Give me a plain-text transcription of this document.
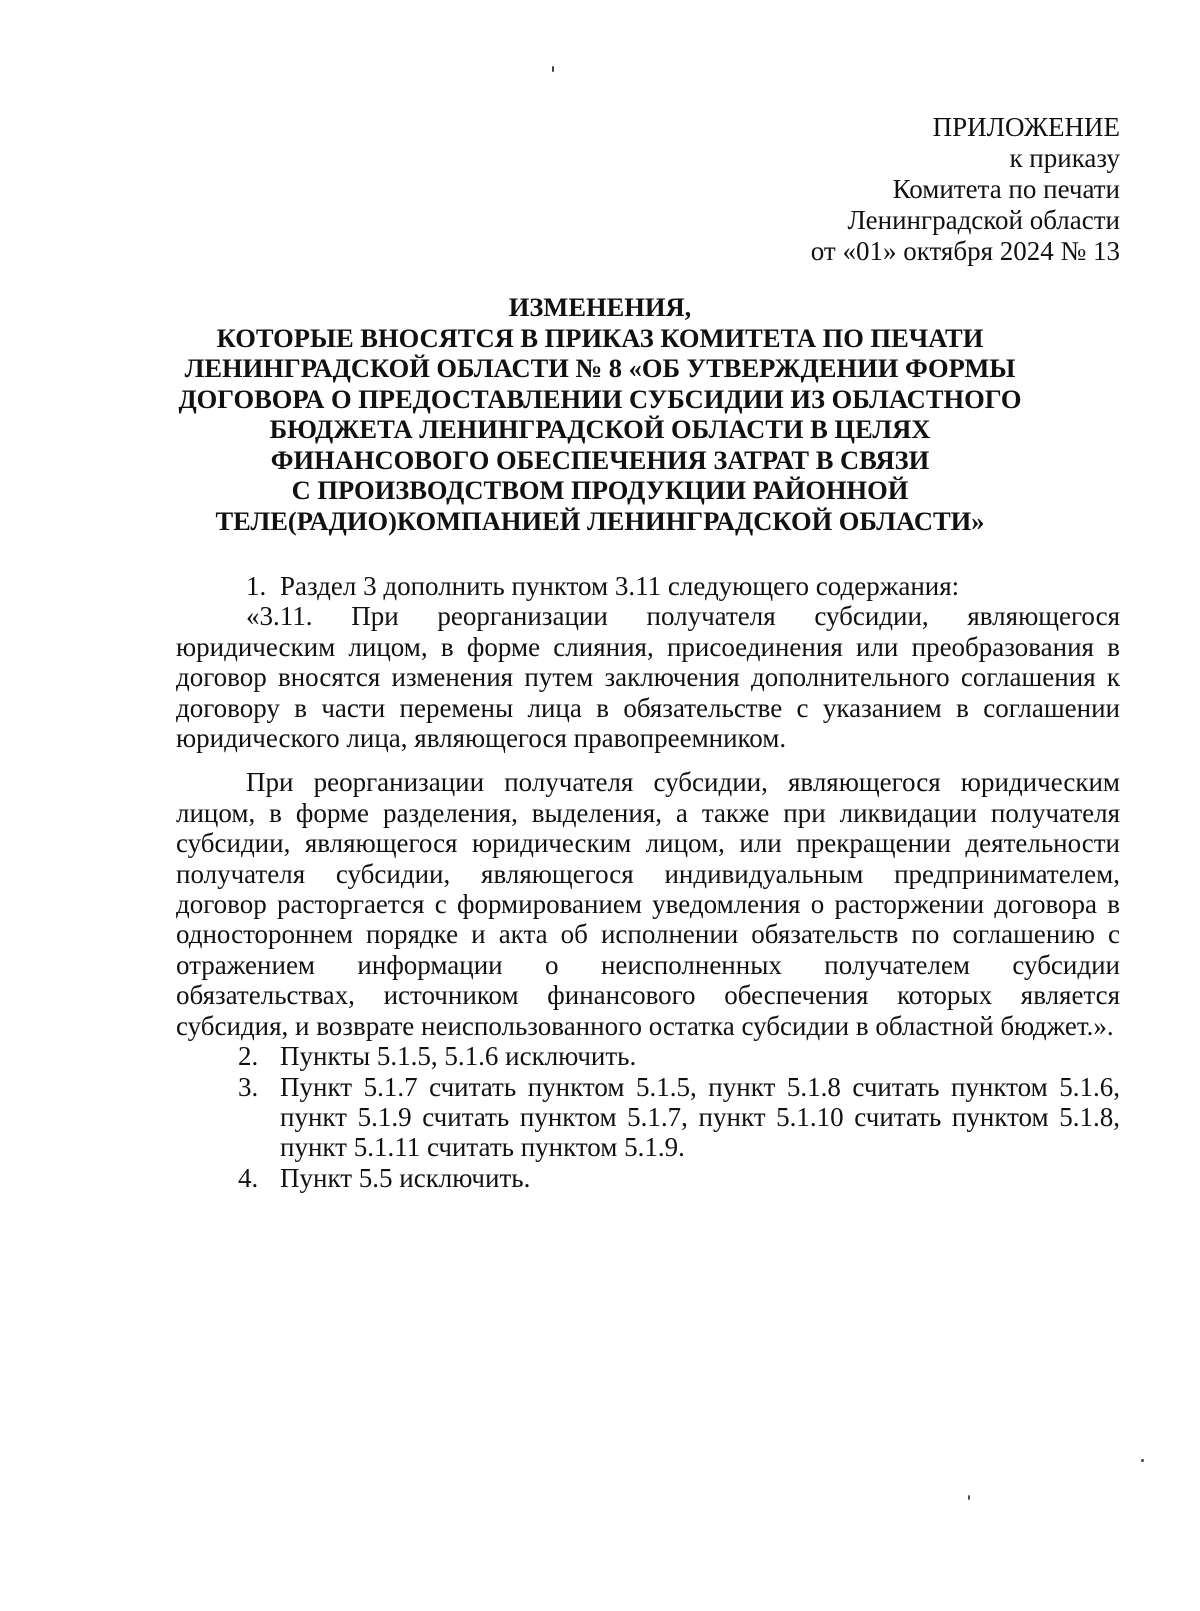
ПРИЛОЖЕНИЕ
к приказу
Комитета по печати
Ленинградской области
от «01» октября 2024 № 13
ИЗМЕНЕНИЯ,
КОТОРЫЕ ВНОСЯТСЯ В ПРИКАЗ КОМИТЕТА ПО ПЕЧАТИ
ЛЕНИНГРАДСКОЙ ОБЛАСТИ № 8 «ОБ УТВЕРЖДЕНИИ ФОРМЫ
ДОГОВОРА О ПРЕДОСТАВЛЕНИИ СУБСИДИИ ИЗ ОБЛАСТНОГО
БЮДЖЕТА ЛЕНИНГРАДСКОЙ ОБЛАСТИ В ЦЕЛЯХ
ФИНАНСОВОГО ОБЕСПЕЧЕНИЯ ЗАТРАТ В СВЯЗИ
С ПРОИЗВОДСТВОМ ПРОДУКЦИИ РАЙОННОЙ
ТЕЛЕ(РАДИО)КОМПАНИЕЙ ЛЕНИНГРАДСКОЙ ОБЛАСТИ»
1. Раздел 3 дополнить пунктом 3.11 следующего содержания:

«3.11. При реорганизации получателя субсидии, являющегося юридическим лицом, в форме слияния, присоединения или преобразования в договор вносятся изменения путем заключения дополнительного соглашения к договору в части перемены лица в обязательстве с указанием в соглашении юридического лица, являющегося правопреемником.

При реорганизации получателя субсидии, являющегося юридическим лицом, в форме разделения, выделения, а также при ликвидации получателя субсидии, являющегося юридическим лицом, или прекращении деятельности получателя субсидии, являющегося индивидуальным предпринимателем, договор расторгается с формированием уведомления о расторжении договора в одностороннем порядке и акта об исполнении обязательств по соглашению с отражением информации о неисполненных получателем субсидии обязательствах, источником финансового обеспечения которых является субсидия, и возврате неиспользованного остатка субсидии в областной бюджет.».

2. Пункты 5.1.5, 5.1.6 исключить.
3. Пункт 5.1.7 считать пунктом 5.1.5, пункт 5.1.8 считать пунктом 5.1.6, пункт 5.1.9 считать пунктом 5.1.7, пункт 5.1.10 считать пунктом 5.1.8, пункт 5.1.11 считать пунктом 5.1.9.
4. Пункт 5.5 исключить.
